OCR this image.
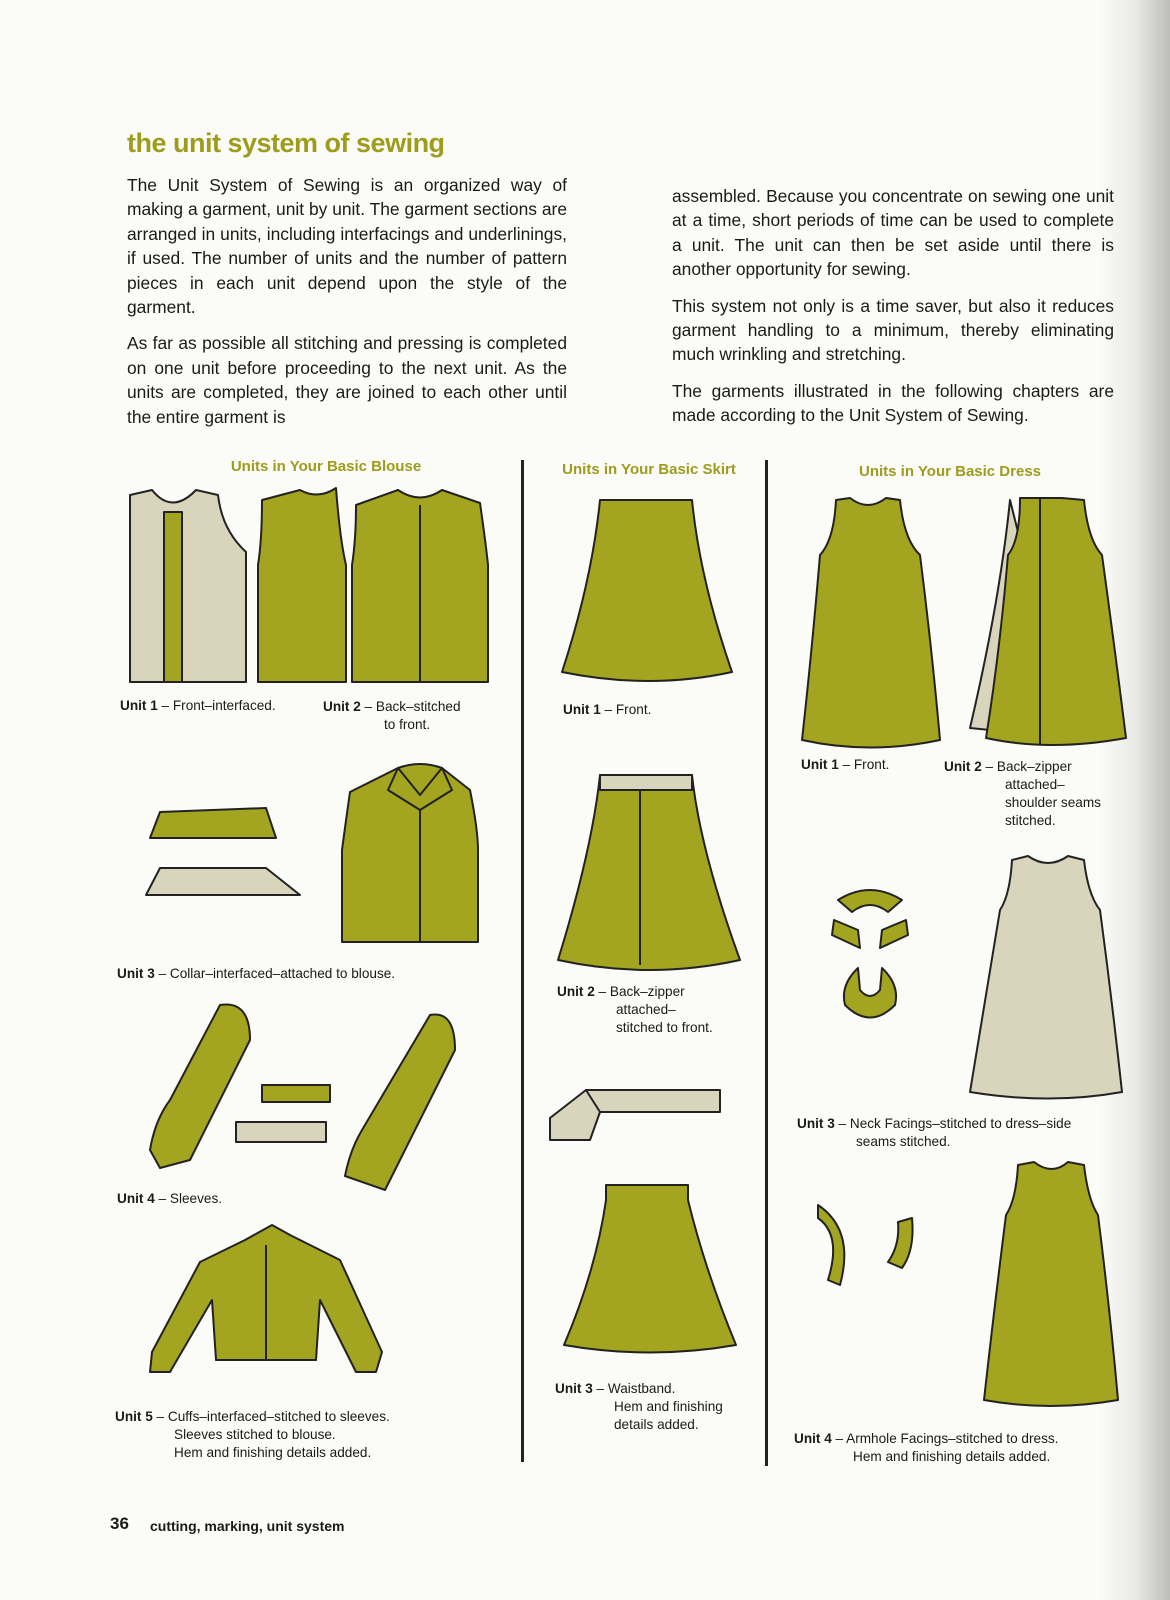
the unit system of sewing

The Unit System of Sewing is an organized way of making a garment, unit by unit. The garment sections are arranged in units, including interfacings and underlinings, if used. The number of units and the number of pattern pieces in each unit depend upon the style of the garment.

As far as possible all stitching and pressing is completed on one unit before proceeding to the next unit. As the units are completed, they are joined to each other until the entire garment is

assembled. Because you concentrate on sewing one unit at a time, short periods of time can be used to complete a unit. The unit can then be set aside until there is another opportunity for sewing.

This system not only is a time saver, but also it reduces garment handling to a minimum, thereby eliminating much wrinkling and stretching.

The garments illustrated in the following chapters are made according to the Unit System of Sewing.

Units in Your Basic Blouse	Units in Your Basic Skirt	Units in Your Basic Dress
Unit 1 – Front–interfaced.	Unit 2 – Back–stitched
to front.
Unit 3 – Collar–interfaced–attached to blouse.
Unit 4 – Sleeves.
Unit 5 – Cuffs–interfaced–stitched to sleeves.
Sleeves stitched to blouse.
Hem and finishing details added.
Unit 1 – Front.
Unit 2 – Back–zipper
attached–
stitched to front.
Unit 3 – Waistband.
Hem and finishing
details added.
Unit 1 – Front.	Unit 2 – Back–zipper
attached–
shoulder seams
stitched.
Unit 3 – Neck Facings–stitched to dress–side
seams stitched.
Unit 4 – Armhole Facings–stitched to dress.
Hem and finishing details added.
36 cutting, marking, unit system
